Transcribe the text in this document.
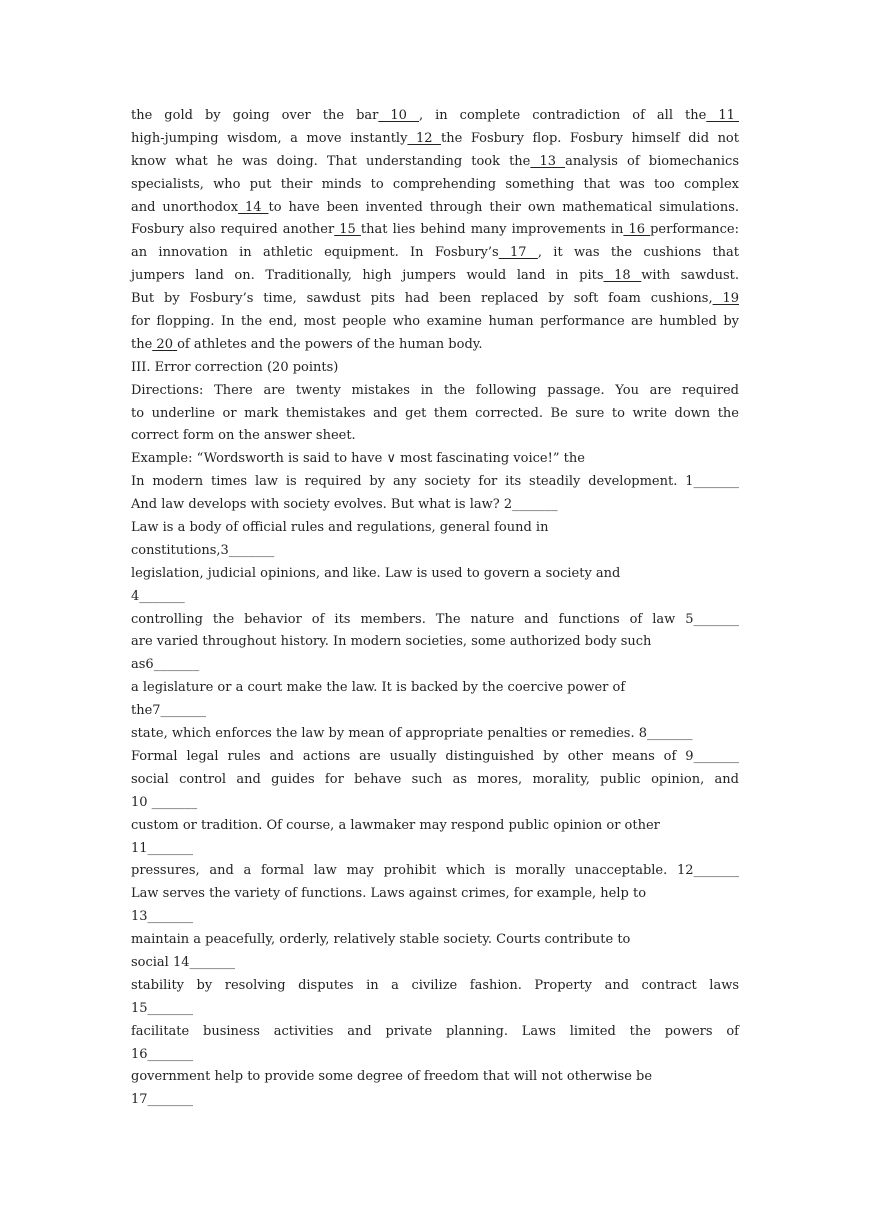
the gold by going over the bar 10 , in complete contradiction of all the 11
high-jumping wisdom, a move instantly 12 the Fosbury flop. Fosbury himself did not
know what he was doing. That understanding took the 13 analysis of biomechanics
specialists, who put their minds to comprehending something that was too complex
and unorthodox 14 to have been invented through their own mathematical simulations.
Fosbury also required another 15 that lies behind many improvements in 16 performance:
an innovation in athletic equipment. In Fosbury’s 17 , it was the cushions that
jumpers land on. Traditionally, high jumpers would land in pits 18 with sawdust.
But by Fosbury’s time, sawdust pits had been replaced by soft foam cushions, 19
for flopping. In the end, most people who examine human performance are humbled by
the 20 of athletes and the powers of the human body.
III. Error correction (20 points)
Directions: There are twenty mistakes in the following passage. You are required
to underline or mark themistakes and get them corrected. Be sure to write down the
correct form on the answer sheet.
Example: “Wordsworth is said to have ∨ most fascinating voice!” the
In modern times law is required by any society for its steadily development. 1_______
And law develops with society evolves. But what is law? 2_______
Law is a body of official rules and regulations, general found in
constitutions,3_______
legislation, judicial opinions, and like. Law is used to govern a society and
4_______
controlling the behavior of its members. The nature and functions of law 5_______
are varied throughout history. In modern societies, some authorized body such
as6_______
a legislature or a court make the law. It is backed by the coercive power of
the7_______
state, which enforces the law by mean of appropriate penalties or remedies. 8_______
Formal legal rules and actions are usually distinguished by other means of 9_______
social control and guides for behave such as mores, morality, public opinion, and
10 _______
custom or tradition. Of course, a lawmaker may respond public opinion or other
11_______
pressures, and a formal law may prohibit which is morally unacceptable. 12_______
Law serves the variety of functions. Laws against crimes, for example, help to
13_______
maintain a peacefully, orderly, relatively stable society. Courts contribute to
social 14_______
stability by resolving disputes in a civilize fashion. Property and contract laws
15_______
facilitate business activities and private planning. Laws limited the powers of
16_______
government help to provide some degree of freedom that will not otherwise be
17_______
